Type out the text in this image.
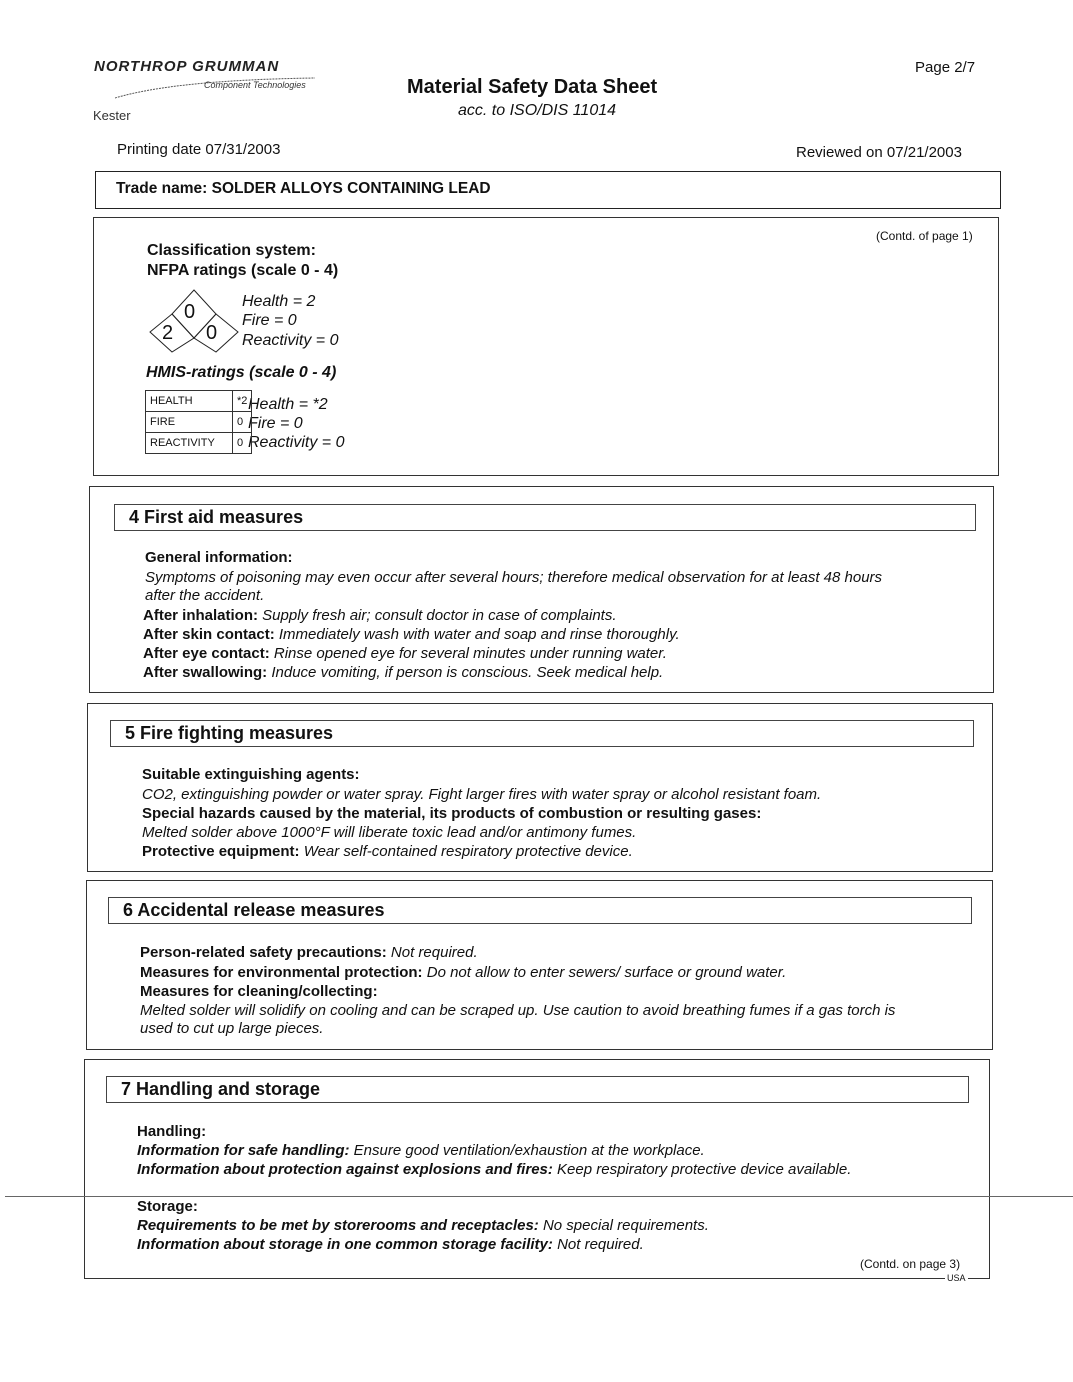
NORTHROP GRUMMAN
Component Technologies
Kester
Page 2/7
Material Safety Data Sheet
acc. to ISO/DIS 11014
Printing date 07/31/2003	Reviewed on 07/21/2003
Trade name: SOLDER ALLOYS CONTAINING LEAD
(Contd. of page 1)
Classification system:
NFPA ratings (scale 0 - 4)
0
2 0
Health = 2
Fire = 0
Reactivity = 0
HMIS-ratings (scale 0 - 4)
Health = *2
Fire = 0
Reactivity = 0
HEALTH	*2
FIRE	0
REACTIVITY	0
4 First aid measures
General information:
Symptoms of poisoning may even occur after several hours; therefore medical observation for at least 48 hours
after the accident.
After inhalation: Supply fresh air; consult doctor in case of complaints.
After skin contact: Immediately wash with water and soap and rinse thoroughly.
After eye contact: Rinse opened eye for several minutes under running water.
After swallowing: Induce vomiting, if person is conscious. Seek medical help.
5 Fire fighting measures
Suitable extinguishing agents:
CO2, extinguishing powder or water spray. Fight larger fires with water spray or alcohol resistant foam.
Special hazards caused by the material, its products of combustion or resulting gases:
Melted solder above 1000°F will liberate toxic lead and/or antimony fumes.
Protective equipment: Wear self-contained respiratory protective device.
6 Accidental release measures
Person-related safety precautions: Not required.
Measures for environmental protection: Do not allow to enter sewers/ surface or ground water.
Measures for cleaning/collecting:
Melted solder will solidify on cooling and can be scraped up. Use caution to avoid breathing fumes if a gas torch is
used to cut up large pieces.
7 Handling and storage
Handling:
Information for safe handling: Ensure good ventilation/exhaustion at the workplace.
Information about protection against explosions and fires: Keep respiratory protective device available.
Storage:
Requirements to be met by storerooms and receptacles: No special requirements.
Information about storage in one common storage facility: Not required.
(Contd. on page 3)
USA
